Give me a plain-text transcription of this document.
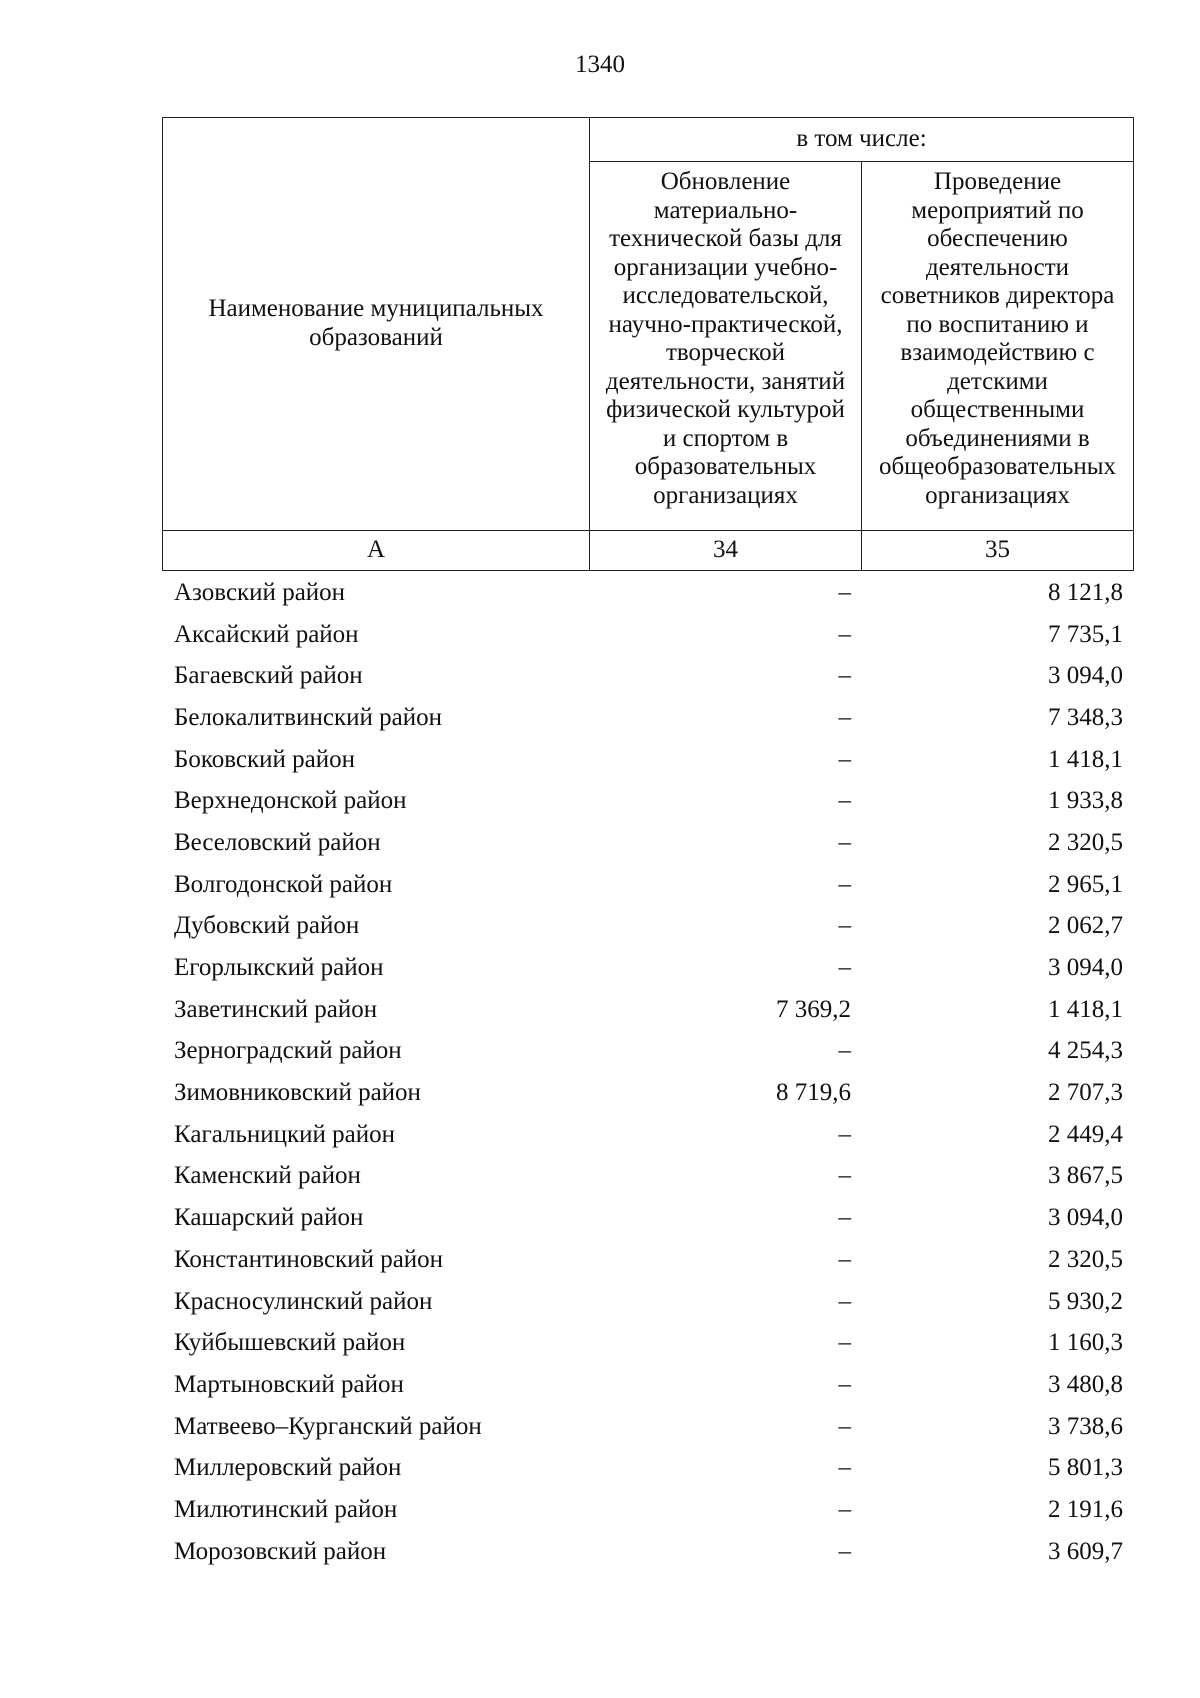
1340
Наименование муниципальных образований	в том числе:	
	Обновление материально-технической базы для организации учебно-исследовательской, научно-практической, творческой деятельности, занятий физической культурой и спортом в образовательных организациях	Проведение мероприятий по обеспечению деятельности советников директора по воспитанию и взаимодействию с детскими общественными объединениями в общеобразовательных организациях
А	34	35
Азовский район	–	8 121,8
Аксайский район	–	7 735,1
Багаевский район	–	3 094,0
Белокалитвинский район	–	7 348,3
Боковский район	–	1 418,1
Верхнедонской район	–	1 933,8
Веселовский район	–	2 320,5
Волгодонской район	–	2 965,1
Дубовский район	–	2 062,7
Егорлыкский район	–	3 094,0
Заветинский район	7 369,2	1 418,1
Зерноградский район	–	4 254,3
Зимовниковский район	8 719,6	2 707,3
Кагальницкий район	–	2 449,4
Каменский район	–	3 867,5
Кашарский район	–	3 094,0
Константиновский район	–	2 320,5
Красносулинский район	–	5 930,2
Куйбышевский район	–	1 160,3
Мартыновский район	–	3 480,8
Матвеево–Курганский район	–	3 738,6
Миллеровский район	–	5 801,3
Милютинский район	–	2 191,6
Морозовский район	–	3 609,7
